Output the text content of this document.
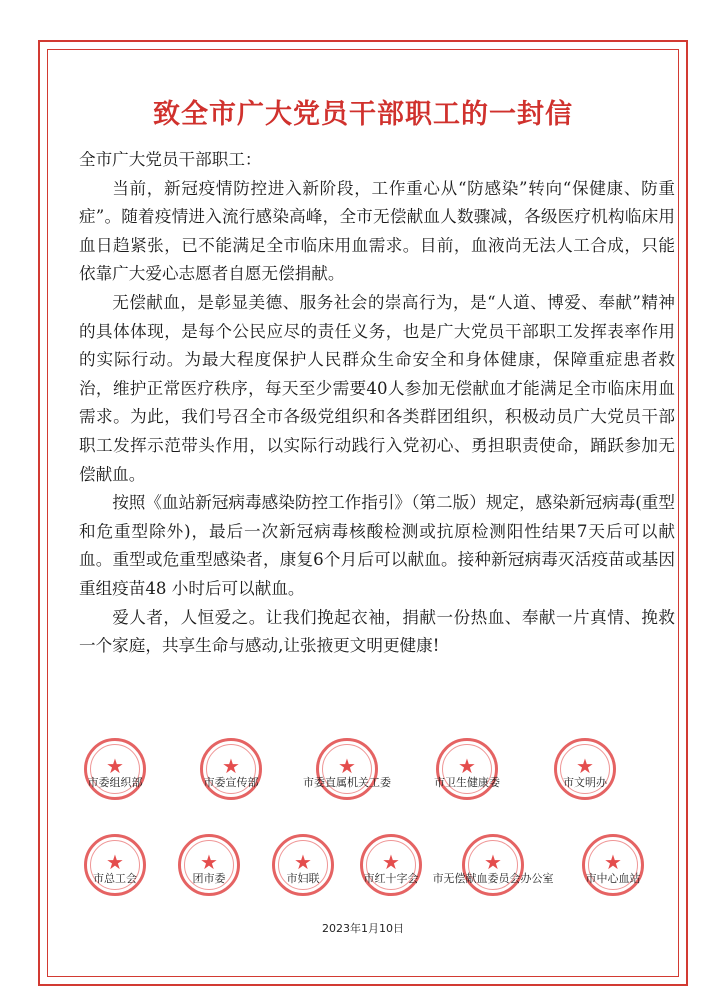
致全市广大党员干部职工的一封信

全市广大党员干部职工：

当前，新冠疫情防控进入新阶段，工作重心从“防感染”转向“保健康、防重症”。随着疫情进入流行感染高峰，全市无偿献血人数骤减，各级医疗机构临床用血日趋紧张，已不能满足全市临床用血需求。目前，血液尚无法人工合成，只能依靠广大爱心志愿者自愿无偿捐献。

无偿献血，是彰显美德、服务社会的崇高行为，是“人道、博爱、奉献”精神的具体体现，是每个公民应尽的责任义务，也是广大党员干部职工发挥表率作用的实际行动。为最大程度保护人民群众生命安全和身体健康，保障重症患者救治，维护正常医疗秩序，每天至少需要40人参加无偿献血才能满足全市临床用血需求。为此，我们号召全市各级党组织和各类群团组织，积极动员广大党员干部职工发挥示范带头作用，以实际行动践行入党初心、勇担职责使命，踊跃参加无偿献血。

按照《血站新冠病毒感染防控工作指引》（第二版）规定，感染新冠病毒(重型和危重型除外)，最后一次新冠病毒核酸检测或抗原检测阳性结果7天后可以献血。重型或危重型感染者，康复6个月后可以献血。接种新冠病毒灭活疫苗或基因重组疫苗48 小时后可以献血。

爱人者，人恒爱之。让我们挽起衣袖，捐献一份热血、奉献一片真情、挽救一个家庭，共享生命与感动,让张掖更文明更健康!

★
市委组织部
★
市委宣传部
★
市委直属机关工委
★
市卫生健康委
★
市文明办
★
市总工会
★
团市委
★
市妇联
★
市红十字会
★
市无偿献血委员会办公室
★
市中心血站
2023年1月10日
